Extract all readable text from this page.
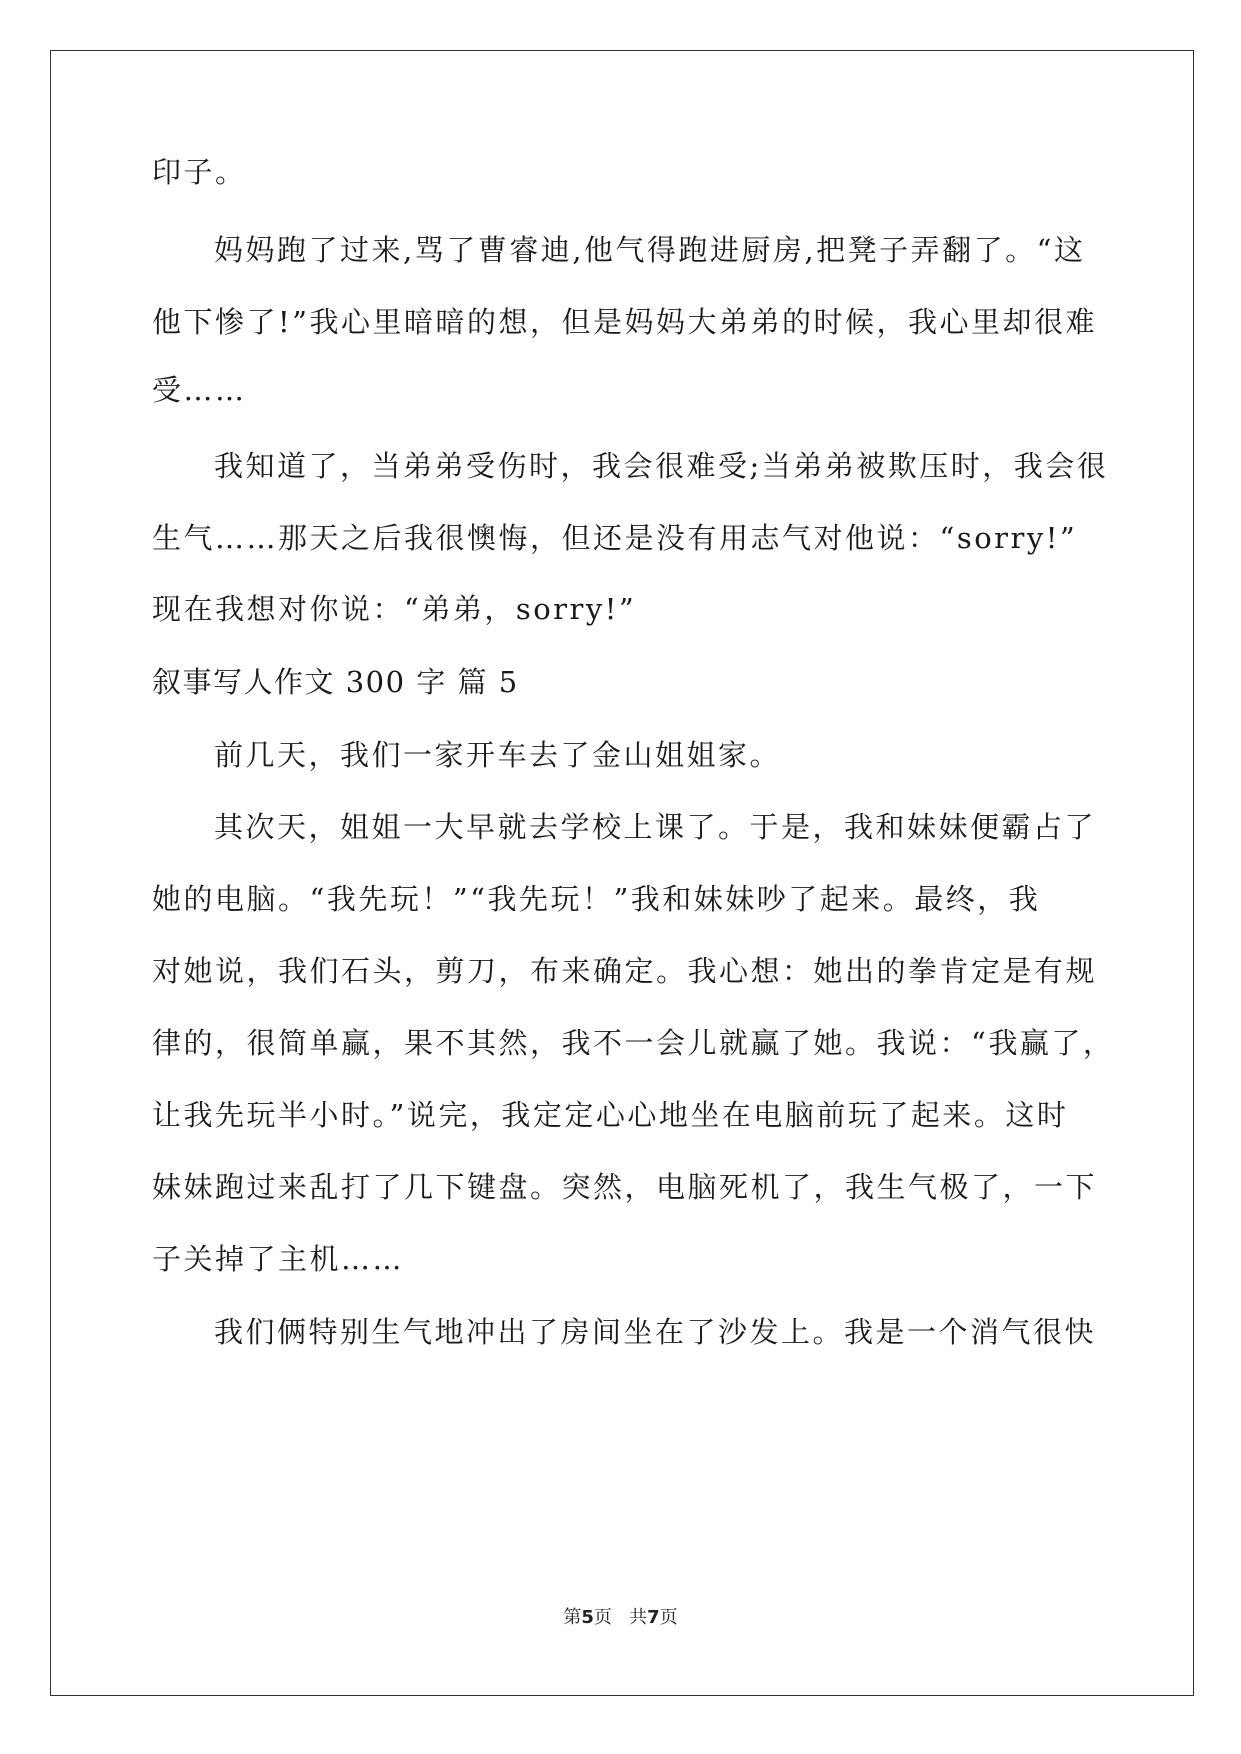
印子。
妈妈跑了过来,骂了曹睿迪,他气得跑进厨房,把凳子弄翻了。“这
他下惨了!”我心里暗暗的想，但是妈妈大弟弟的时候，我心里却很难
受……
我知道了，当弟弟受伤时，我会很难受;当弟弟被欺压时，我会很
生气……那天之后我很懊悔，但还是没有用志气对他说：“sorry!”
现在我想对你说：“弟弟，sorry!”
叙事写人作文 300 字 篇 5
前几天，我们一家开车去了金山姐姐家。
其次天，姐姐一大早就去学校上课了。于是，我和妹妹便霸占了
她的电脑。“我先玩！”“我先玩！”我和妹妹吵了起来。最终，我
对她说，我们石头，剪刀，布来确定。我心想：她出的拳肯定是有规
律的，很简单赢，果不其然，我不一会儿就赢了她。我说：“我赢了，
让我先玩半小时。”说完，我定定心心地坐在电脑前玩了起来。这时
妹妹跑过来乱打了几下键盘。突然，电脑死机了，我生气极了，一下
子关掉了主机……
我们俩特别生气地冲出了房间坐在了沙发上。我是一个消气很快
第5页   共7页
